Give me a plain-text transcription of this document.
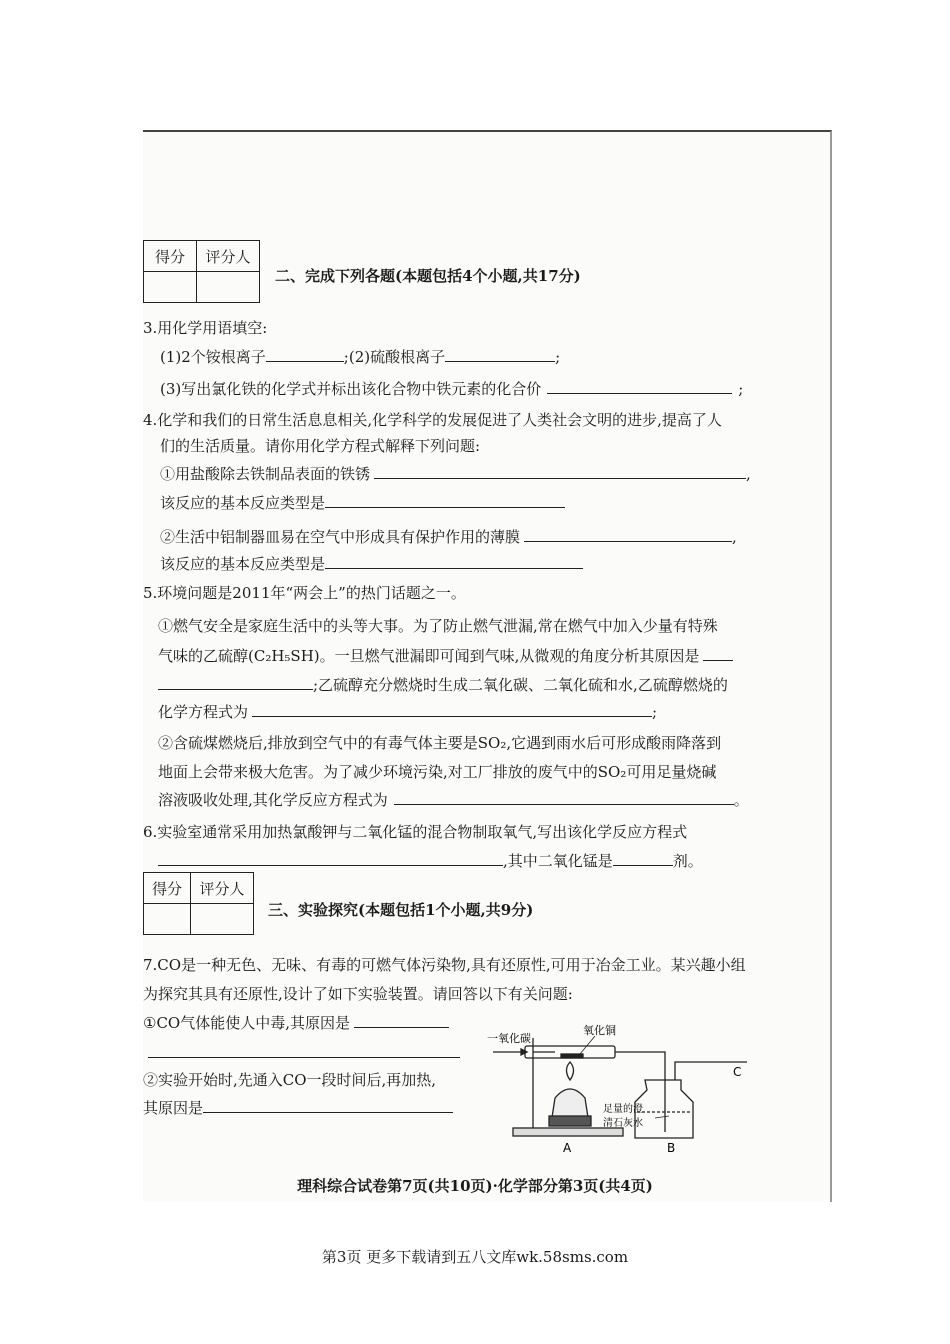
得分	评分人

二、完成下列各题(本题包括4个小题,共17分)
3.用化学用语填空:
(1)2个铵根离子	;(2)硫酸根离子	;
(3)写出氯化铁的化学式并标出该化合物中铁元素的化合价	;
4.化学和我们的日常生活息息相关,化学科学的发展促进了人类社会文明的进步,提高了人
们的生活质量。请你用化学方程式解释下列问题:
①用盐酸除去铁制品表面的铁锈	,
该反应的基本反应类型是
②生活中铝制器皿易在空气中形成具有保护作用的薄膜	,
该反应的基本反应类型是
5.环境问题是2011年“两会上”的热门话题之一。
①燃气安全是家庭生活中的头等大事。为了防止燃气泄漏,常在燃气中加入少量有特殊
气味的乙硫醇(C₂H₅SH)。一旦燃气泄漏即可闻到气味,从微观的角度分析其原因是
;乙硫醇充分燃烧时生成二氧化碳、二氧化硫和水,乙硫醇燃烧的
化学方程式为	;
②含硫煤燃烧后,排放到空气中的有毒气体主要是SO₂,它遇到雨水后可形成酸雨降落到
地面上会带来极大危害。为了减少环境污染,对工厂排放的废气中的SO₂可用足量烧碱
溶液吸收处理,其化学反应方程式为	。
6.实验室通常采用加热氯酸钾与二氧化锰的混合物制取氧气,写出该化学反应方程式
,其中二氧化锰是	剂。
得分	评分人

三、实验探究(本题包括1个小题,共9分)
7.CO是一种无色、无味、有毒的可燃气体污染物,具有还原性,可用于冶金工业。某兴趣小组
为探究其具有还原性,设计了如下实验装置。请回答以下有关问题:
①CO气体能使人中毒,其原因是
②实验开始时,先通入CO一段时间后,再加热,
其原因是
一氧化碳
氧化铜
足量的澄
清石灰水
A	B
C
理科综合试卷第7页(共10页)·化学部分第3页(共4页)
第3页 更多下载请到五八文库wk.58sms.com
